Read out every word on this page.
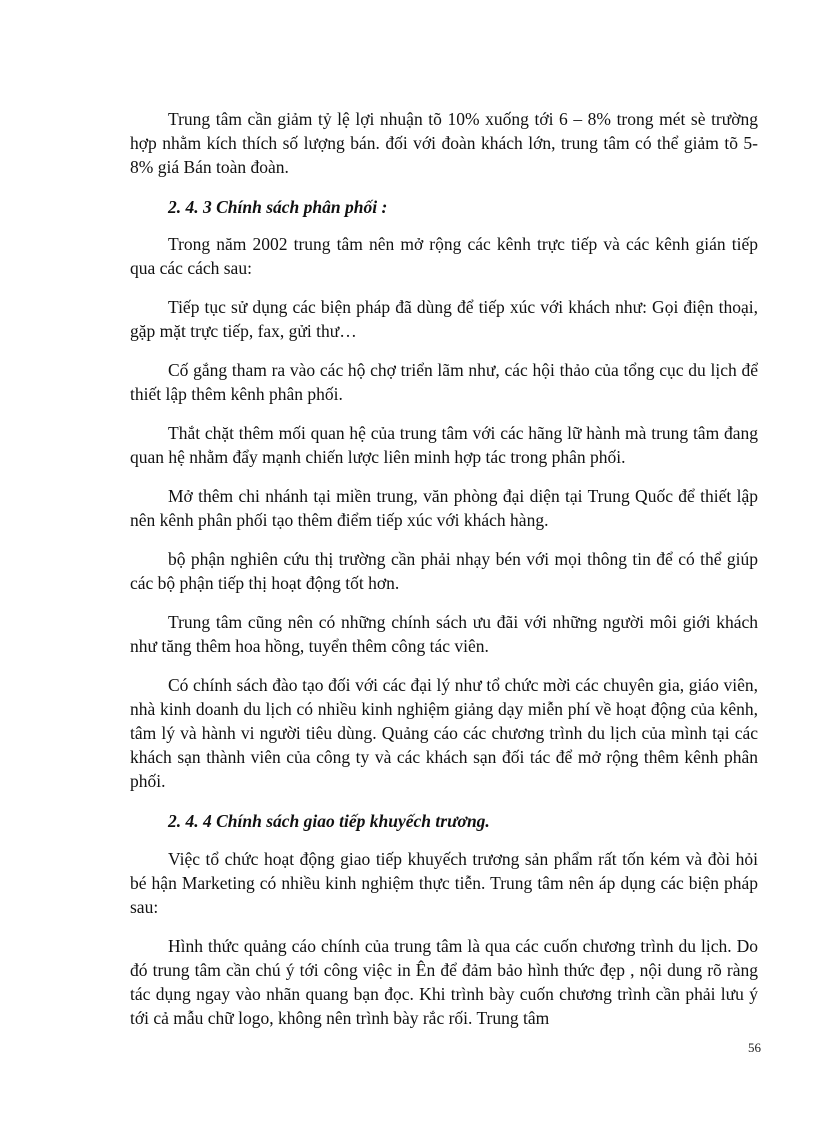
Trung tâm cần giảm tỷ lệ lợi nhuận tõ 10% xuống tới 6 – 8% trong mét sè trường hợp nhằm kích thích số lượng bán. đối với đoàn khách lớn, trung tâm có thể giảm tõ 5- 8% giá Bán toàn đoàn.

2. 4. 3 Chính sách phân phối :

Trong năm 2002 trung tâm nên mở rộng các kênh trực tiếp và các kênh gián tiếp qua các cách sau:

Tiếp tục sử dụng các biện pháp đã dùng để tiếp xúc với khách như: Gọi điện thoại, gặp mặt trực tiếp, fax, gửi thư…

Cố gắng tham ra vào các hộ chợ triển lãm như, các hội thảo của tổng cục du lịch để thiết lập thêm kênh phân phối.

Thắt chặt thêm mối quan hệ của trung tâm với các hãng lữ hành mà trung tâm đang quan hệ nhằm đẩy mạnh chiến lược liên minh hợp tác trong phân phối.

Mở thêm chi nhánh tại miền trung, văn phòng đại diện tại Trung Quốc để thiết lập nên kênh phân phối tạo thêm điểm tiếp xúc với khách hàng.

bộ phận nghiên cứu thị trường cần phải nhạy bén với mọi thông tin để có thể giúp các bộ phận tiếp thị hoạt động tốt hơn.

Trung tâm cũng nên có những chính sách ưu đãi với những người môi giới khách như tăng thêm hoa hồng, tuyển thêm công tác viên.

Có chính sách đào tạo đối với các đại lý như tổ chức mời các chuyên gia, giáo viên, nhà kinh doanh du lịch có nhiều kinh nghiệm giảng dạy miễn phí về hoạt động của kênh, tâm lý và hành vi người tiêu dùng. Quảng cáo các chương trình du lịch của mình tại các khách sạn thành viên của công ty và các khách sạn đối tác để mở rộng thêm kênh phân phối.

2. 4. 4 Chính sách giao tiếp khuyếch trương.

Việc tổ chức hoạt động giao tiếp khuyếch trương sản phẩm rất tốn kém và đòi hỏi bé hận Marketing có nhiều kinh nghiệm thực tiễn. Trung tâm nên áp dụng các biện pháp sau:

Hình thức quảng cáo chính của trung tâm là qua các cuốn chương trình du lịch. Do đó trung tâm cần chú ý tới công việc in Ên để đảm bảo hình thức đẹp , nội dung rõ ràng tác dụng ngay vào nhãn quang bạn đọc. Khi trình bày cuốn chương trình cần phải lưu ý tới cả mẫu chữ logo, không nên trình bày rắc rối. Trung tâm

56
